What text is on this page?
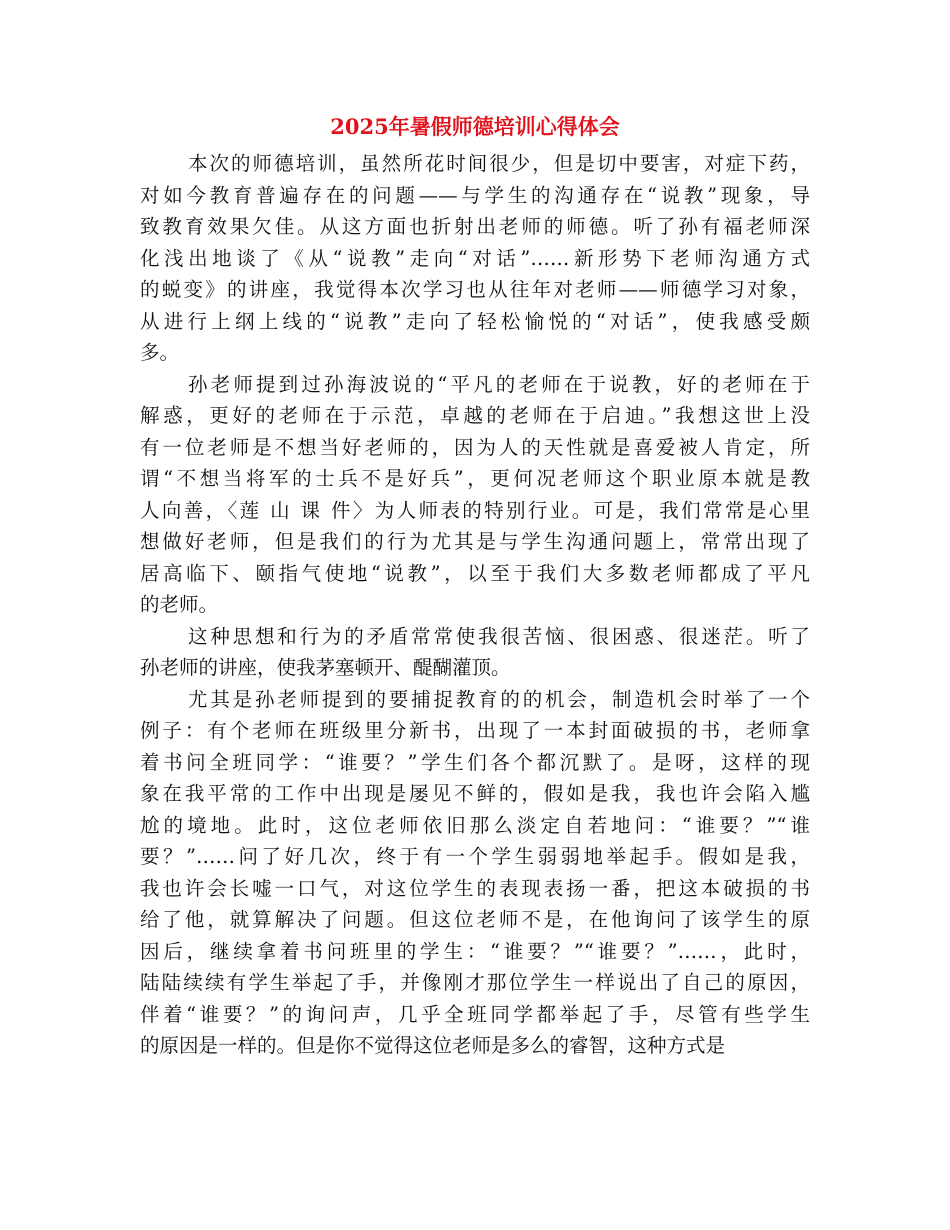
2025年暑假师德培训心得体会

本次的师德培训，虽然所花时间很少，但是切中要害，对症下药，
对如今教育普遍存在的问题——与学生的沟通存在“说教”现象，导
致教育效果欠佳。从这方面也折射出老师的师德。听了孙有福老师深
化浅出地谈了《从“说教”走向“对话”……新形势下老师沟通方式
的蜕变》的讲座，我觉得本次学习也从往年对老师——师德学习对象，
从进行上纲上线的“说教”走向了轻松愉悦的“对话”，使我感受颇
多。

孙老师提到过孙海波说的“平凡的老师在于说教，好的老师在于
解惑，更好的老师在于示范，卓越的老师在于启迪。”我想这世上没
有一位老师是不想当好老师的，因为人的天性就是喜爱被人肯定，所
谓“不想当将军的士兵不是好兵”，更何况老师这个职业原本就是教
人向善，〈莲 山 课 件〉为人师表的特别行业。可是，我们常常是心里
想做好老师，但是我们的行为尤其是与学生沟通问题上，常常出现了
居高临下、颐指气使地“说教”，以至于我们大多数老师都成了平凡
的老师。

这种思想和行为的矛盾常常使我很苦恼、很困惑、很迷茫。听了
孙老师的讲座，使我茅塞顿开、醍醐灌顶。

尤其是孙老师提到的要捕捉教育的的机会，制造机会时举了一个
例子：有个老师在班级里分新书，出现了一本封面破损的书，老师拿
着书问全班同学：“谁要？”学生们各个都沉默了。是呀，这样的现
象在我平常的工作中出现是屡见不鲜的，假如是我，我也许会陷入尴
尬的境地。此时，这位老师依旧那么淡定自若地问：“谁要？”“谁
要？”……问了好几次，终于有一个学生弱弱地举起手。假如是我，
我也许会长嘘一口气，对这位学生的表现表扬一番，把这本破损的书
给了他，就算解决了问题。但这位老师不是，在他询问了该学生的原
因后，继续拿着书问班里的学生：“谁要？”“谁要？”……，此时，
陆陆续续有学生举起了手，并像刚才那位学生一样说出了自己的原因，
伴着“谁要？”的询问声，几乎全班同学都举起了手，尽管有些学生
的原因是一样的。但是你不觉得这位老师是多么的睿智，这种方式是
